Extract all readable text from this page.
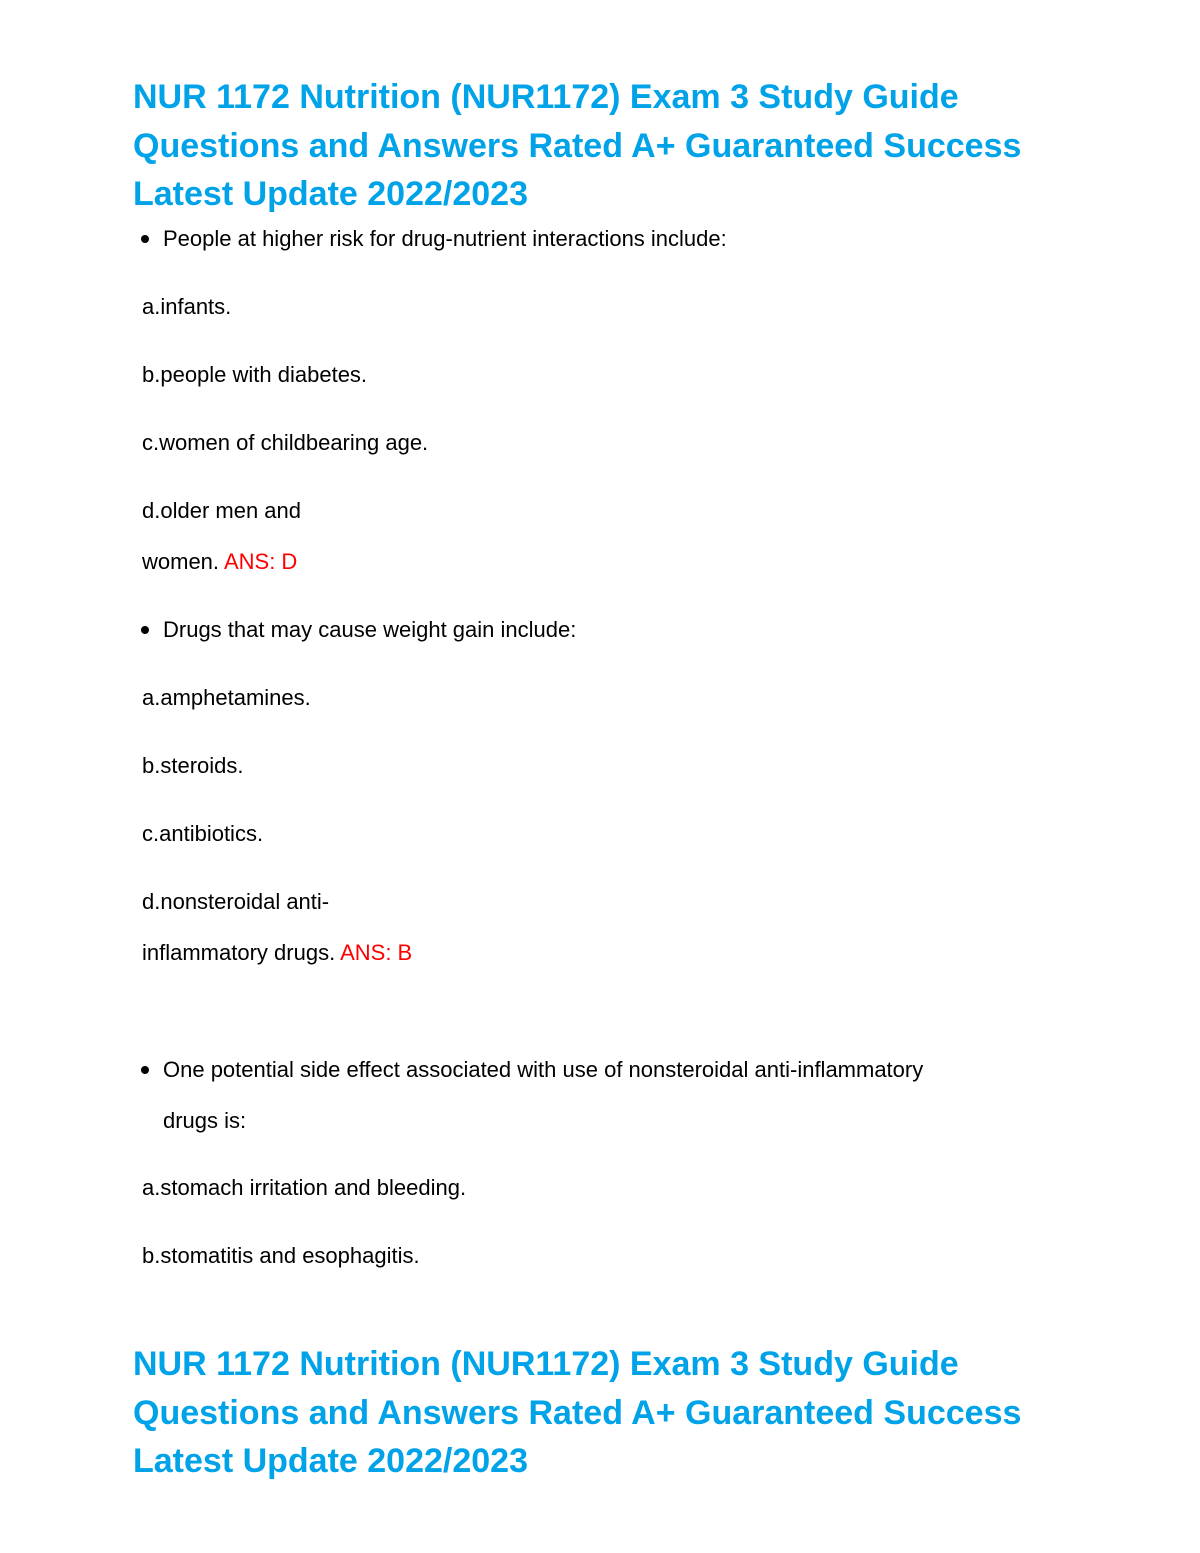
NUR 1172 Nutrition (NUR1172) Exam 3 Study Guide
Questions and Answers Rated A+ Guaranteed Success
Latest Update 2022/2023
People at higher risk for drug-nutrient interactions include:
a.infants.
b.people with diabetes.
c.women of childbearing age.
d.older men and
women. ANS: D
Drugs that may cause weight gain include:
a.amphetamines.
b.steroids.
c.antibiotics.
d.nonsteroidal anti-
inflammatory drugs. ANS: B
One potential side effect associated with use of nonsteroidal anti-inflammatory
drugs is:
a.stomach irritation and bleeding.
b.stomatitis and esophagitis.
NUR 1172 Nutrition (NUR1172) Exam 3 Study Guide
Questions and Answers Rated A+ Guaranteed Success
Latest Update 2022/2023
